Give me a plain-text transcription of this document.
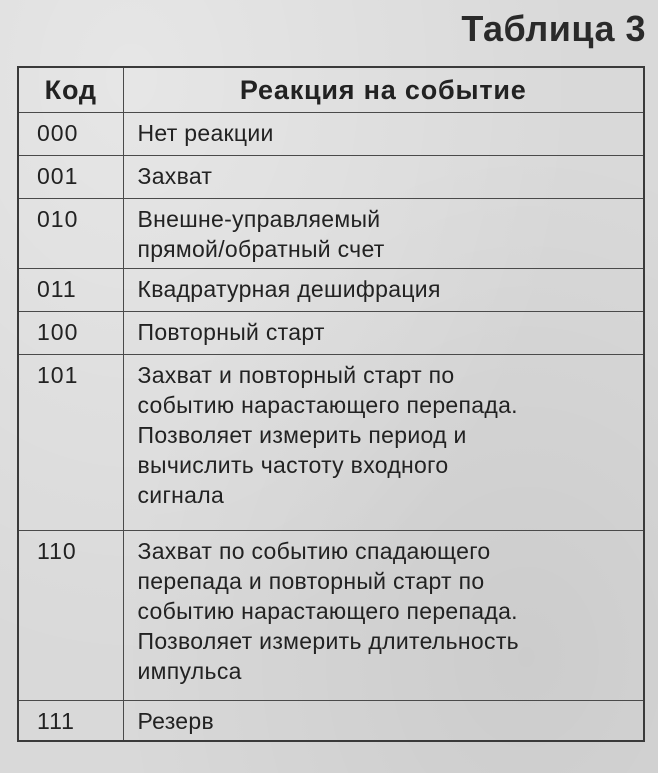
Таблица 3
Код	Реакция на событие
000	Нет реакции
001	Захват
010	Внешне-управляемый
прямой/обратный счет
011	Квадратурная дешифрация
100	Повторный старт
101	Захват и повторный старт по
событию нарастающего перепада.
Позволяет измерить период и
вычислить частоту входного
сигнала
110	Захват по событию спадающего
перепада и повторный старт по
событию нарастающего перепада.
Позволяет измерить длительность
импульса
111	Резерв
